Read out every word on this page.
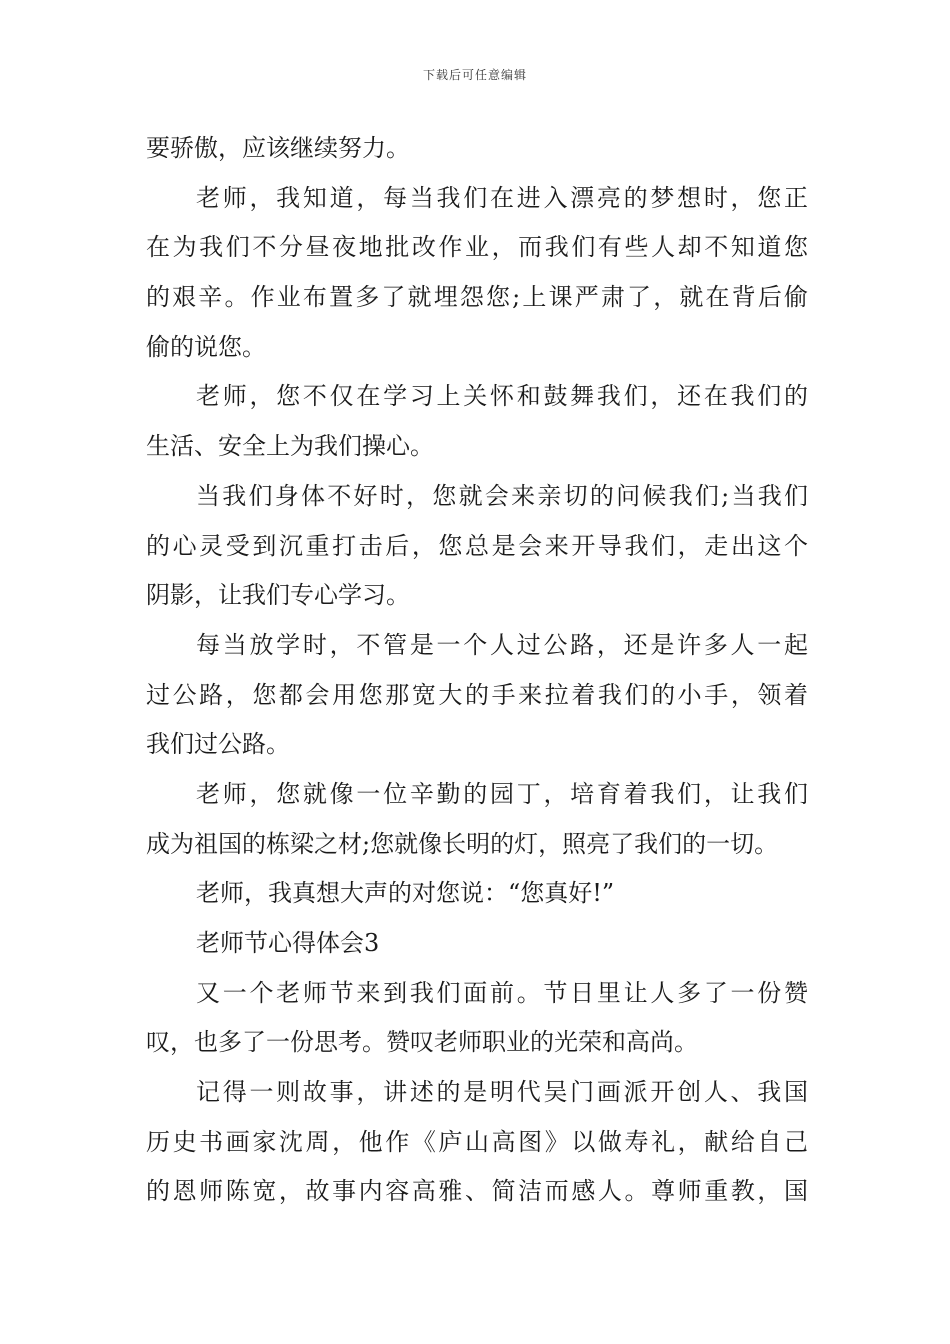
下载后可任意编辑
要骄傲，应该继续努力。
老师，我知道，每当我们在进入漂亮的梦想时，您正
在为我们不分昼夜地批改作业，而我们有些人却不知道您
的艰辛。作业布置多了就埋怨您;上课严肃了，就在背后偷
偷的说您。
老师，您不仅在学习上关怀和鼓舞我们，还在我们的
生活、安全上为我们操心。
当我们身体不好时，您就会来亲切的问候我们;当我们
的心灵受到沉重打击后，您总是会来开导我们，走出这个
阴影，让我们专心学习。
每当放学时，不管是一个人过公路，还是许多人一起
过公路，您都会用您那宽大的手来拉着我们的小手，领着
我们过公路。
老师，您就像一位辛勤的园丁，培育着我们，让我们
成为祖国的栋梁之材;您就像长明的灯，照亮了我们的一切。
老师，我真想大声的对您说：“您真好!”
老师节心得体会3
又一个老师节来到我们面前。节日里让人多了一份赞
叹，也多了一份思考。赞叹老师职业的光荣和高尚。
记得一则故事，讲述的是明代吴门画派开创人、我国
历史书画家沈周，他作《庐山高图》以做寿礼，献给自己
的恩师陈宽，故事内容高雅、简洁而感人。尊师重教，国
